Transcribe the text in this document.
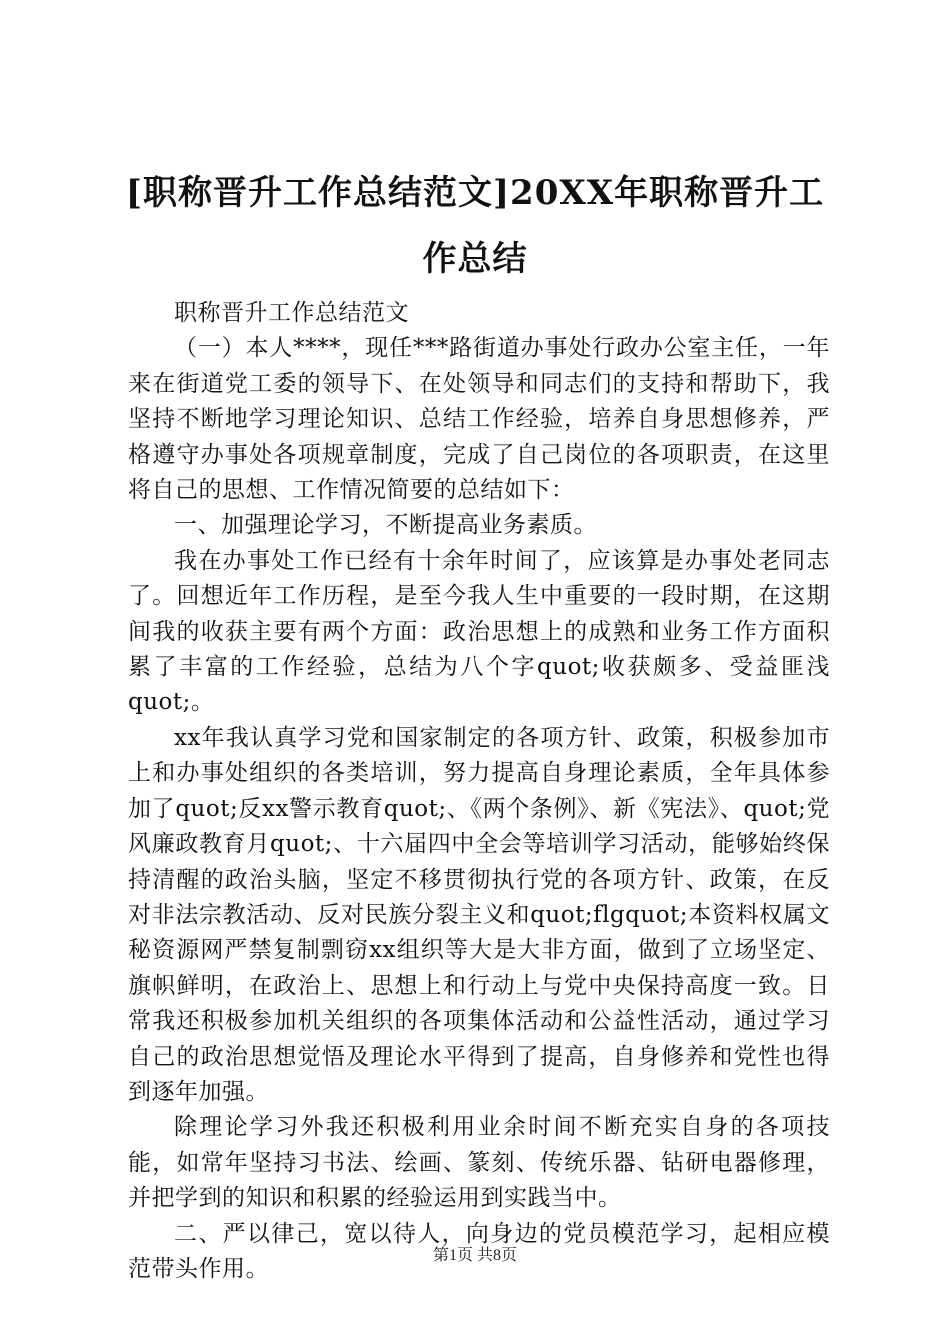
[职称晋升工作总结范文]20XX年职称晋升工作总结

职称晋升工作总结范文

（一）本人****，现任***路街道办事处行政办公室主任，一年来在街道党工委的领导下、在处领导和同志们的支持和帮助下，我坚持不断地学习理论知识、总结工作经验，培养自身思想修养，严格遵守办事处各项规章制度，完成了自己岗位的各项职责，在这里将自己的思想、工作情况简要的总结如下：

一、加强理论学习，不断提高业务素质。

我在办事处工作已经有十余年时间了，应该算是办事处老同志了。回想近年工作历程，是至今我人生中重要的一段时期，在这期间我的收获主要有两个方面：政治思想上的成熟和业务工作方面积累了丰富的工作经验，总结为八个字quot;收获颇多、受益匪浅quot;。

xx年我认真学习党和国家制定的各项方针、政策，积极参加市上和办事处组织的各类培训，努力提高自身理论素质，全年具体参加了quot;反xx警示教育quot;、《两个条例》、新《宪法》、quot;党风廉政教育月quot;、十六届四中全会等培训学习活动，能够始终保持清醒的政治头脑，坚定不移贯彻执行党的各项方针、政策，在反对非法宗教活动、反对民族分裂主义和quot;flgquot;本资料权属文秘资源网严禁复制剽窃xx组织等大是大非方面，做到了立场坚定、旗帜鲜明，在政治上、思想上和行动上与党中央保持高度一致。日常我还积极参加机关组织的各项集体活动和公益性活动，通过学习自己的政治思想觉悟及理论水平得到了提高，自身修养和党性也得到逐年加强。

除理论学习外我还积极利用业余时间不断充实自身的各项技能，如常年坚持习书法、绘画、篆刻、传统乐器、钻研电器修理，并把学到的知识和积累的经验运用到实践当中。

二、严以律己，宽以待人，向身边的党员模范学习，起相应模范带头作用。

第1页 共8页
